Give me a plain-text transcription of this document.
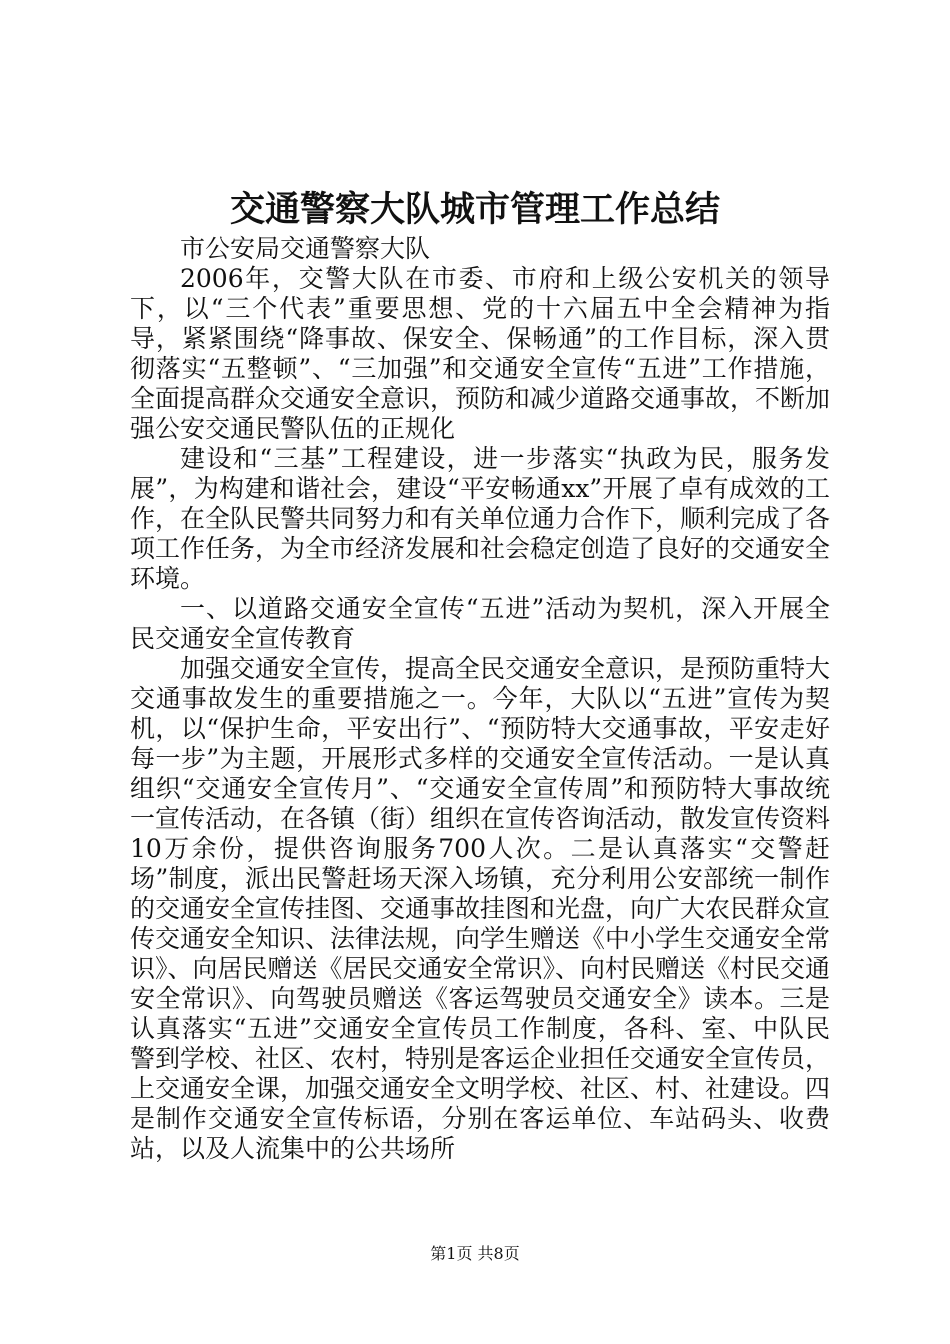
交通警察大队城市管理工作总结

市公安局交通警察大队

2006年，交警大队在市委、市府和上级公安机关的领导下，以“三个代表”重要思想、党的十六届五中全会精神为指导，紧紧围绕“降事故、保安全、保畅通”的工作目标，深入贯彻落实“五整顿”、“三加强”和交通安全宣传“五进”工作措施，全面提高群众交通安全意识，预防和减少道路交通事故，不断加强公安交通民警队伍的正规化

建设和“三基”工程建设，进一步落实“执政为民，服务发展”，为构建和谐社会，建设“平安畅通xx”开展了卓有成效的工作，在全队民警共同努力和有关单位通力合作下，顺利完成了各项工作任务，为全市经济发展和社会稳定创造了良好的交通安全环境。

一、以道路交通安全宣传“五进”活动为契机，深入开展全民交通安全宣传教育

加强交通安全宣传，提高全民交通安全意识，是预防重特大交通事故发生的重要措施之一。今年，大队以“五进”宣传为契机，以“保护生命，平安出行”、“预防特大交通事故，平安走好每一步”为主题，开展形式多样的交通安全宣传活动。一是认真组织“交通安全宣传月”、“交通安全宣传周”和预防特大事故统一宣传活动，在各镇（街）组织在宣传咨询活动，散发宣传资料10万余份，提供咨询服务700人次。二是认真落实“交警赶场”制度，派出民警赶场天深入场镇，充分利用公安部统一制作的交通安全宣传挂图、交通事故挂图和光盘，向广大农民群众宣传交通安全知识、法律法规，向学生赠送《中小学生交通安全常识》、向居民赠送《居民交通安全常识》、向村民赠送《村民交通安全常识》、向驾驶员赠送《客运驾驶员交通安全》读本。三是认真落实“五进”交通安全宣传员工作制度，各科、室、中队民警到学校、社区、农村，特别是客运企业担任交通安全宣传员，上交通安全课，加强交通安全文明学校、社区、村、社建设。四是制作交通安全宣传标语，分别在客运单位、车站码头、收费站，以及人流集中的公共场所

第1页 共8页
